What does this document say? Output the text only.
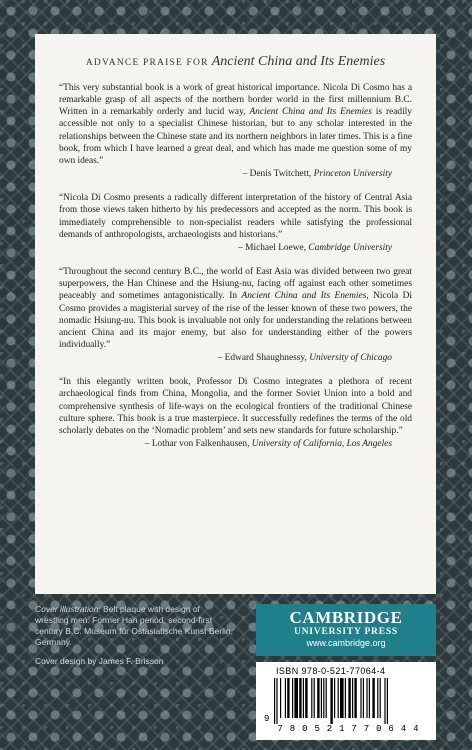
ADVANCE PRAISE FOR Ancient China and Its Enemies

“This very substantial book is a work of great historical importance. Nicola Di Cosmo has a remarkable grasp of all aspects of the northern border world in the first millennium B.C. Written in a remarkably orderly and lucid way, Ancient China and Its Enemies is readily accessible not only to a specialist Chinese historian, but to any scholar interested in the relationships between the Chinese state and its northern neighbors in later times. This is a fine book, from which I have learned a great deal, and which has made me question some of my own ideas.”

– Denis Twitchett, Princeton University

“Nicola Di Cosmo presents a radically different interpretation of the history of Central Asia from those views taken hitherto by his predecessors and accepted as the norm. This book is immediately comprehensible to non-specialist readers while satisfying the professional demands of anthropologists, archaeologists and historians.”

– Michael Loewe, Cambridge University

“Throughout the second century B.C., the world of East Asia was divided between two great superpowers, the Han Chinese and the Hsiung-nu, facing off against each other sometimes peaceably and sometimes antagonistically. In Ancient China and Its Enemies, Nicola Di Cosmo provides a magisterial survey of the rise of the lesser known of these two powers, the nomadic Hsiung-nu. This book is invaluable not only for understanding the relations between ancient China and its major enemy, but also for understanding either of the powers individually.”

– Edward Shaughnessy, University of Chicago

“In this elegantly written book, Professor Di Cosmo integrates a plethora of recent archaeological finds from China, Mongolia, and the former Soviet Union into a bold and comprehensive synthesis of life-ways on the ecological frontiers of the traditional Chinese culture sphere. This book is a true masterpiece. It successfully redefines the terms of the old scholarly debates on the ‘Nomadic problem’ and sets new standards for future scholarship.”

– Lothar von Falkenhausen, University of California, Los Angeles
Cover illustration: Belt plaque with design of wrestling men. Former Han period, second-first century B.C. Museum für Ostasiatische Kunst Berlin, Germany.
Cover design by James F. Brisson
CAMBRIDGE
UNIVERSITY PRESS
www.cambridge.org
ISBN 978-0-521-77064-4
9
7 8 0 5 2 1 7 7 0 6 4 4
